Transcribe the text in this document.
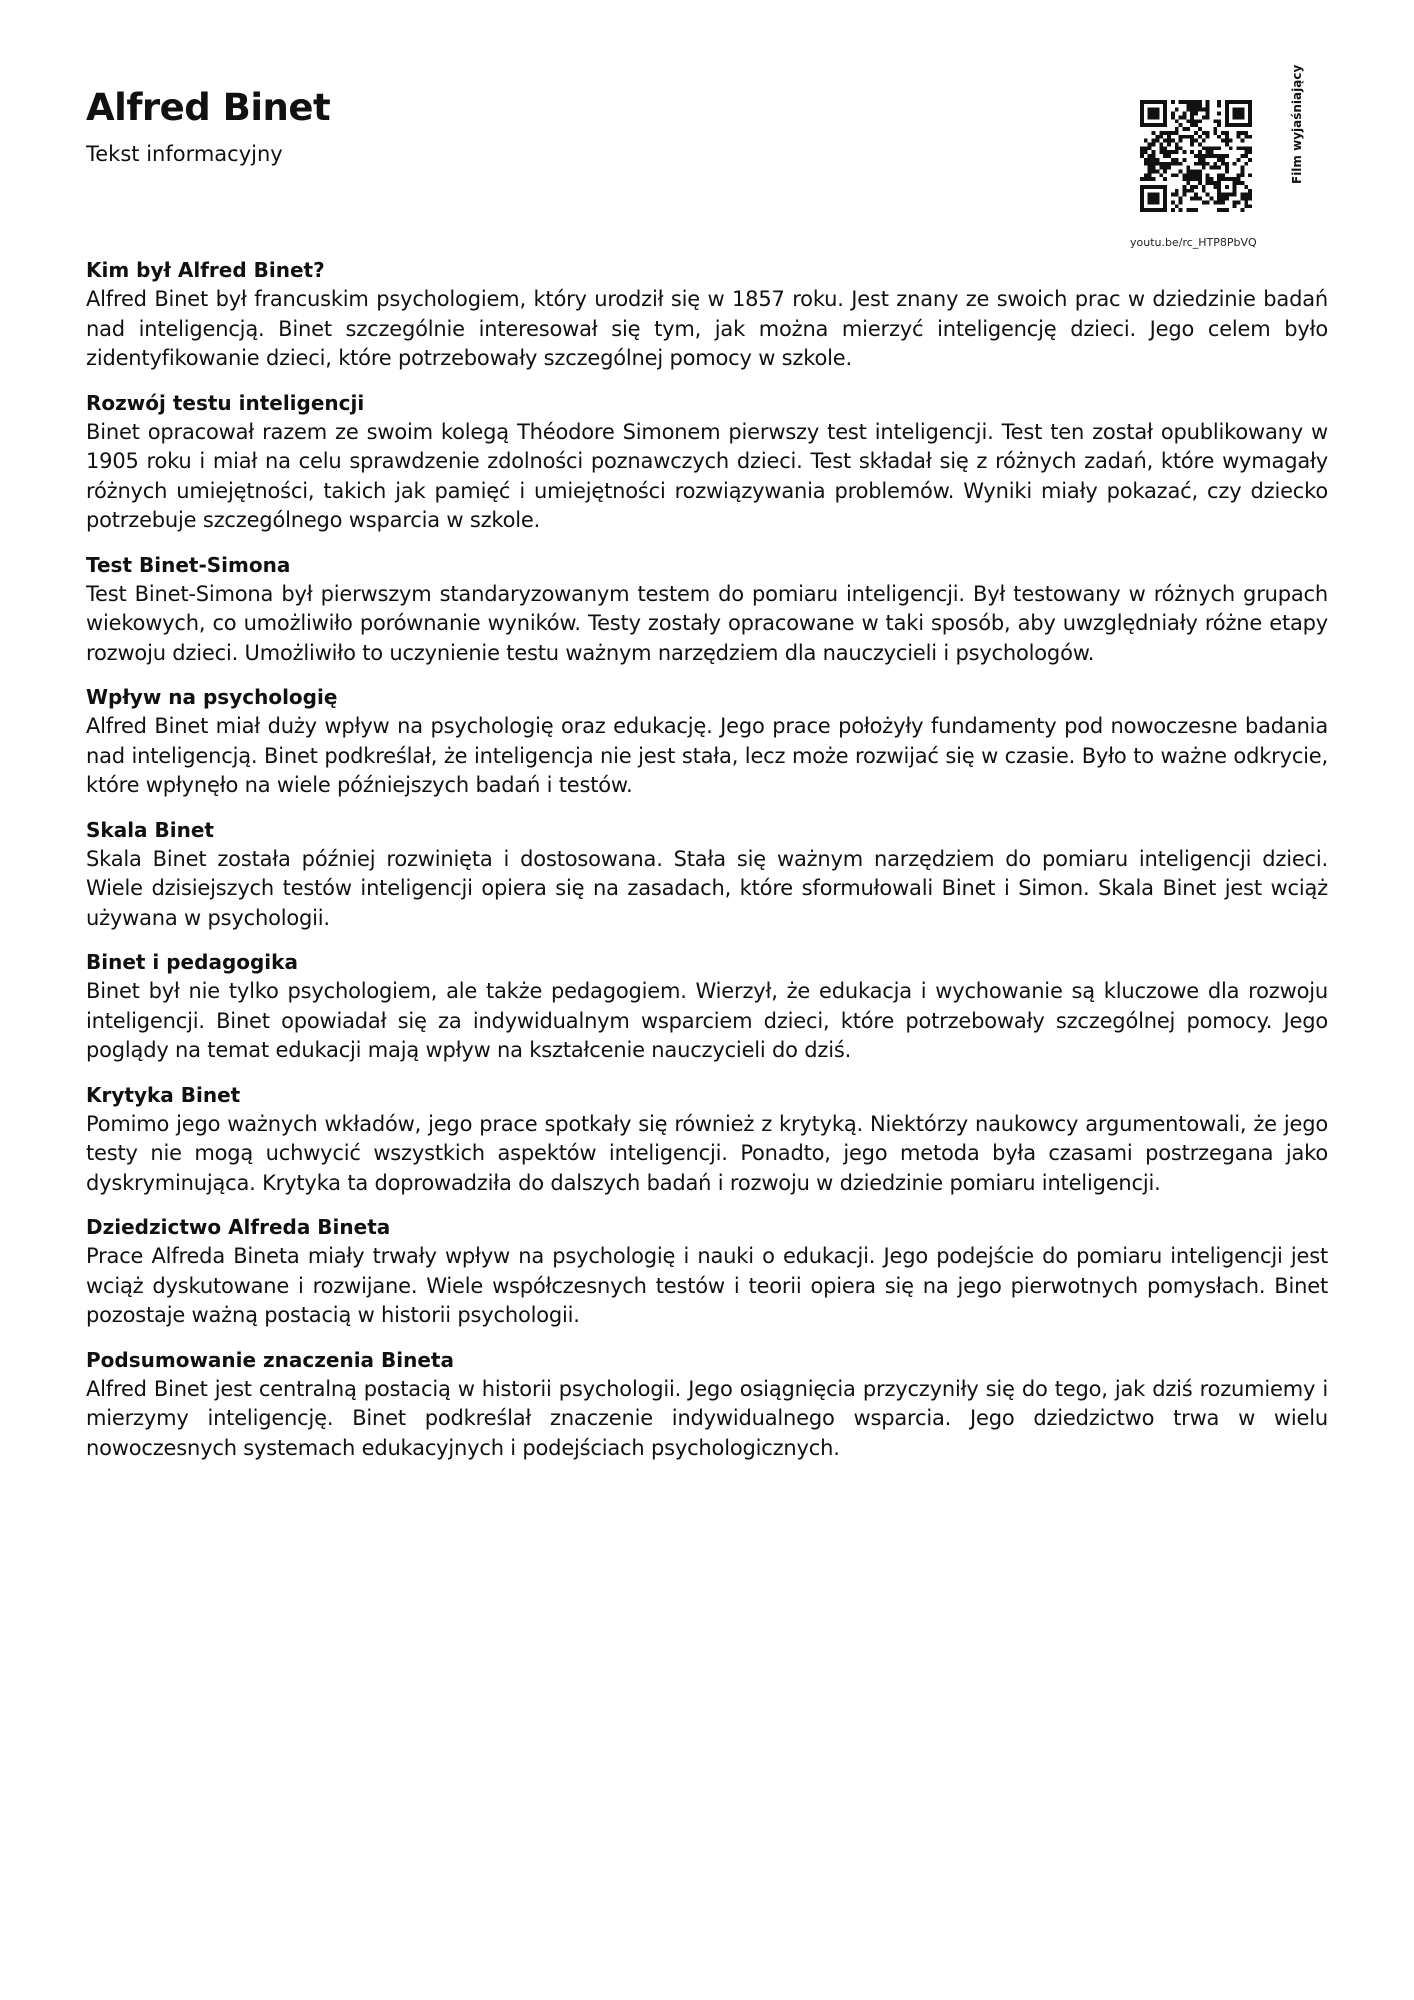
Alfred Binet
Tekst informacyjny	Film wyjaśniający
youtu.be/rc_HTP8PbVQ

Kim był Alfred Binet?

Alfred Binet był francuskim psychologiem, który urodził się w 1857 roku. Jest znany ze swoich prac w dziedzinie badań nad inteligencją. Binet szczególnie interesował się tym, jak można mierzyć inteligencję dzieci. Jego celem było zidentyfikowanie dzieci, które potrzebowały szczególnej pomocy w szkole.

Rozwój testu inteligencji

Binet opracował razem ze swoim kolegą Théodore Simonem pierwszy test inteligencji. Test ten został opublikowany w 1905 roku i miał na celu sprawdzenie zdolności poznawczych dzieci. Test składał się z różnych zadań, które wymagały różnych umiejętności, takich jak pamięć i umiejętności rozwiązywania problemów. Wyniki miały pokazać, czy dziecko potrzebuje szczególnego wsparcia w szkole.

Test Binet-Simona

Test Binet-Simona był pierwszym standaryzowanym testem do pomiaru inteligencji. Był testowany w różnych grupach wiekowych, co umożliwiło porównanie wyników. Testy zostały opracowane w taki sposób, aby uwzględniały różne etapy rozwoju dzieci. Umożliwiło to uczynienie testu ważnym narzędziem dla nauczycieli i psychologów.

Wpływ na psychologię

Alfred Binet miał duży wpływ na psychologię oraz edukację. Jego prace położyły fundamenty pod nowoczesne badania nad inteligencją. Binet podkreślał, że inteligencja nie jest stała, lecz może rozwijać się w czasie. Było to ważne odkrycie, które wpłynęło na wiele późniejszych badań i testów.

Skala Binet

Skala Binet została później rozwinięta i dostosowana. Stała się ważnym narzędziem do pomiaru inteligencji dzieci. Wiele dzisiejszych testów inteligencji opiera się na zasadach, które sformułowali Binet i Simon. Skala Binet jest wciąż używana w psychologii.

Binet i pedagogika

Binet był nie tylko psychologiem, ale także pedagogiem. Wierzył, że edukacja i wychowanie są kluczowe dla rozwoju inteligencji. Binet opowiadał się za indywidualnym wsparciem dzieci, które potrzebowały szczególnej pomocy. Jego poglądy na temat edukacji mają wpływ na kształcenie nauczycieli do dziś.

Krytyka Binet

Pomimo jego ważnych wkładów, jego prace spotkały się również z krytyką. Niektórzy naukowcy argumentowali, że jego testy nie mogą uchwycić wszystkich aspektów inteligencji. Ponadto, jego metoda była czasami postrzegana jako dyskryminująca. Krytyka ta doprowadziła do dalszych badań i rozwoju w dziedzinie pomiaru inteligencji.

Dziedzictwo Alfreda Bineta

Prace Alfreda Bineta miały trwały wpływ na psychologię i nauki o edukacji. Jego podejście do pomiaru inteligencji jest wciąż dyskutowane i rozwijane. Wiele współczesnych testów i teorii opiera się na jego pierwotnych pomysłach. Binet pozostaje ważną postacią w historii psychologii.

Podsumowanie znaczenia Bineta

Alfred Binet jest centralną postacią w historii psychologii. Jego osiągnięcia przyczyniły się do tego, jak dziś rozumiemy i mierzymy inteligencję. Binet podkreślał znaczenie indywidualnego wsparcia. Jego dziedzictwo trwa w wielu nowoczesnych systemach edukacyjnych i podejściach psychologicznych.
